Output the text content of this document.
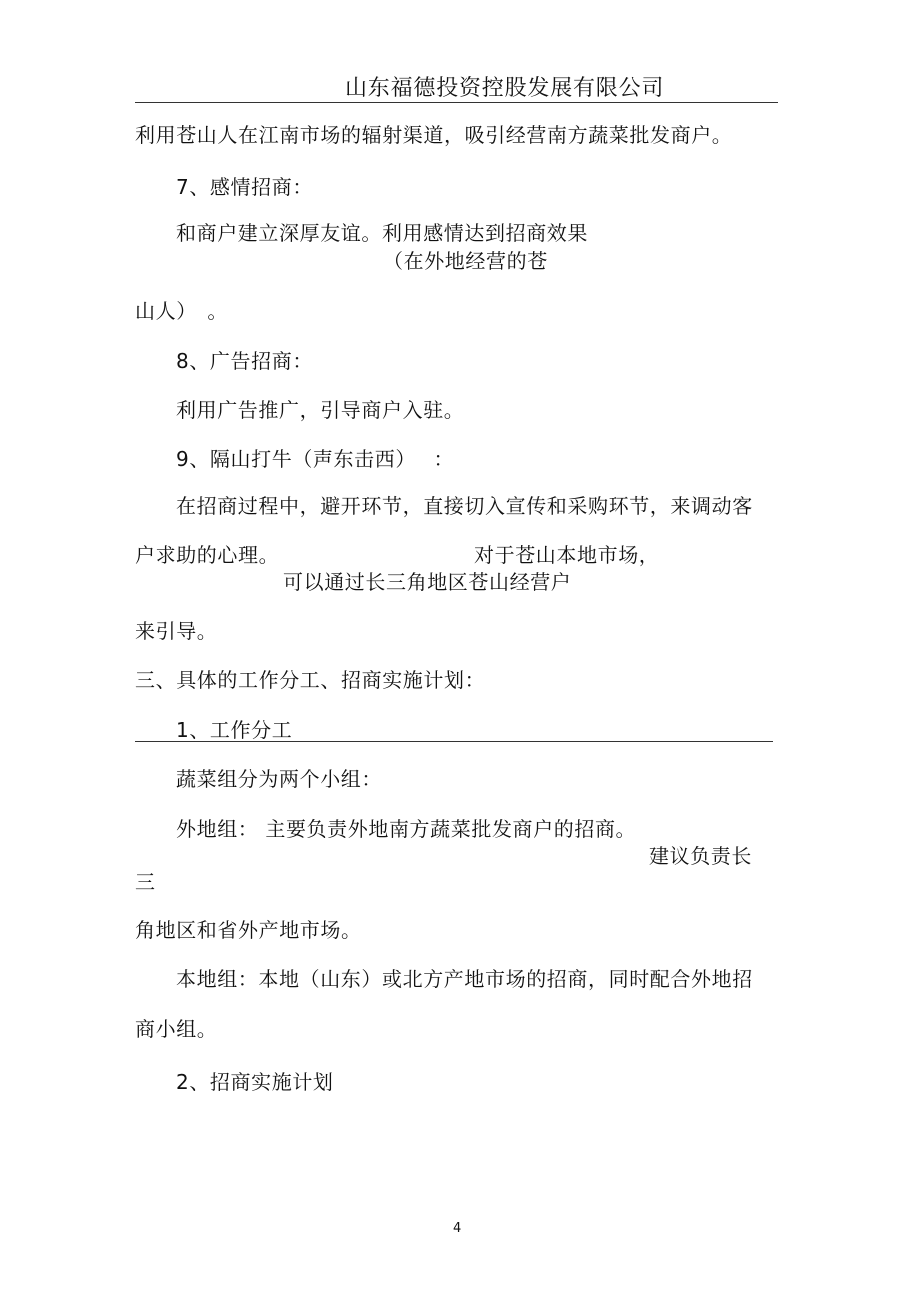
山东福德投资控股发展有限公司
利用苍山人在江南市场的辐射渠道，吸引经营南方蔬菜批发商户。
7、感情招商：
和商户建立深厚友谊。利用感情达到招商效果
（在外地经营的苍
山人）　。
8、广告招商：
利用广告推广，引导商户入驻。
9、隔山打牛（声东击西）　 ：
在招商过程中，避开环节，直接切入宣传和采购环节，来调动客
户求助的心理。	对于苍山本地市场，
可以通过长三角地区苍山经营户
来引导。
三、具体的工作分工、招商实施计划：
1、工作分工
蔬菜组分为两个小组：
外地组： 主要负责外地南方蔬菜批发商户的招商。
建议负责长
三
角地区和省外产地市场。
本地组：本地（山东）或北方产地市场的招商，同时配合外地招
商小组。
2、招商实施计划
4
